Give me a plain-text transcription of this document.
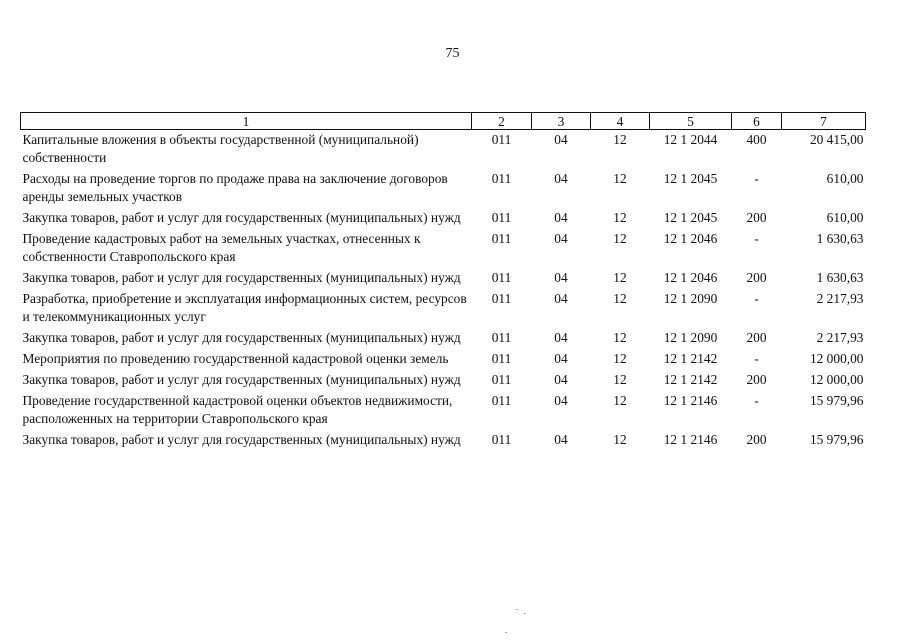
75
1	2	3	4	5	6	7
Капитальные вложения в объекты государственной (муниципальной) собственности	011	04	12	12 1 2044	400	20 415,00
Расходы на проведение торгов по продаже права на заключение договоров аренды земельных участков	011	04	12	12 1 2045	-	610,00
Закупка товаров, работ и услуг для государственных (муниципальных) нужд	011	04	12	12 1 2045	200	610,00
Проведение кадастровых работ на земельных участках, отнесенных к собственности Ставропольского края	011	04	12	12 1 2046	-	1 630,63
Закупка товаров, работ и услуг для государственных (муниципальных) нужд	011	04	12	12 1 2046	200	1 630,63
Разработка, приобретение и эксплуатация информационных систем, ресурсов и телекоммуникационных услуг	011	04	12	12 1 2090	-	2 217,93
Закупка товаров, работ и услуг для государственных (муниципальных) нужд	011	04	12	12 1 2090	200	2 217,93
Мероприятия по проведению государственной кадастровой оценки земель	011	04	12	12 1 2142	-	12 000,00
Закупка товаров, работ и услуг для государственных (муниципальных) нужд	011	04	12	12 1 2142	200	12 000,00
Проведение государственной кадастровой оценки объектов недвижимости, расположенных на территории Ставропольского края	011	04	12	12 1 2146	-	15 979,96
Закупка товаров, работ и услуг для государственных (муниципальных) нужд	011	04	12	12 1 2146	200	15 979,96
